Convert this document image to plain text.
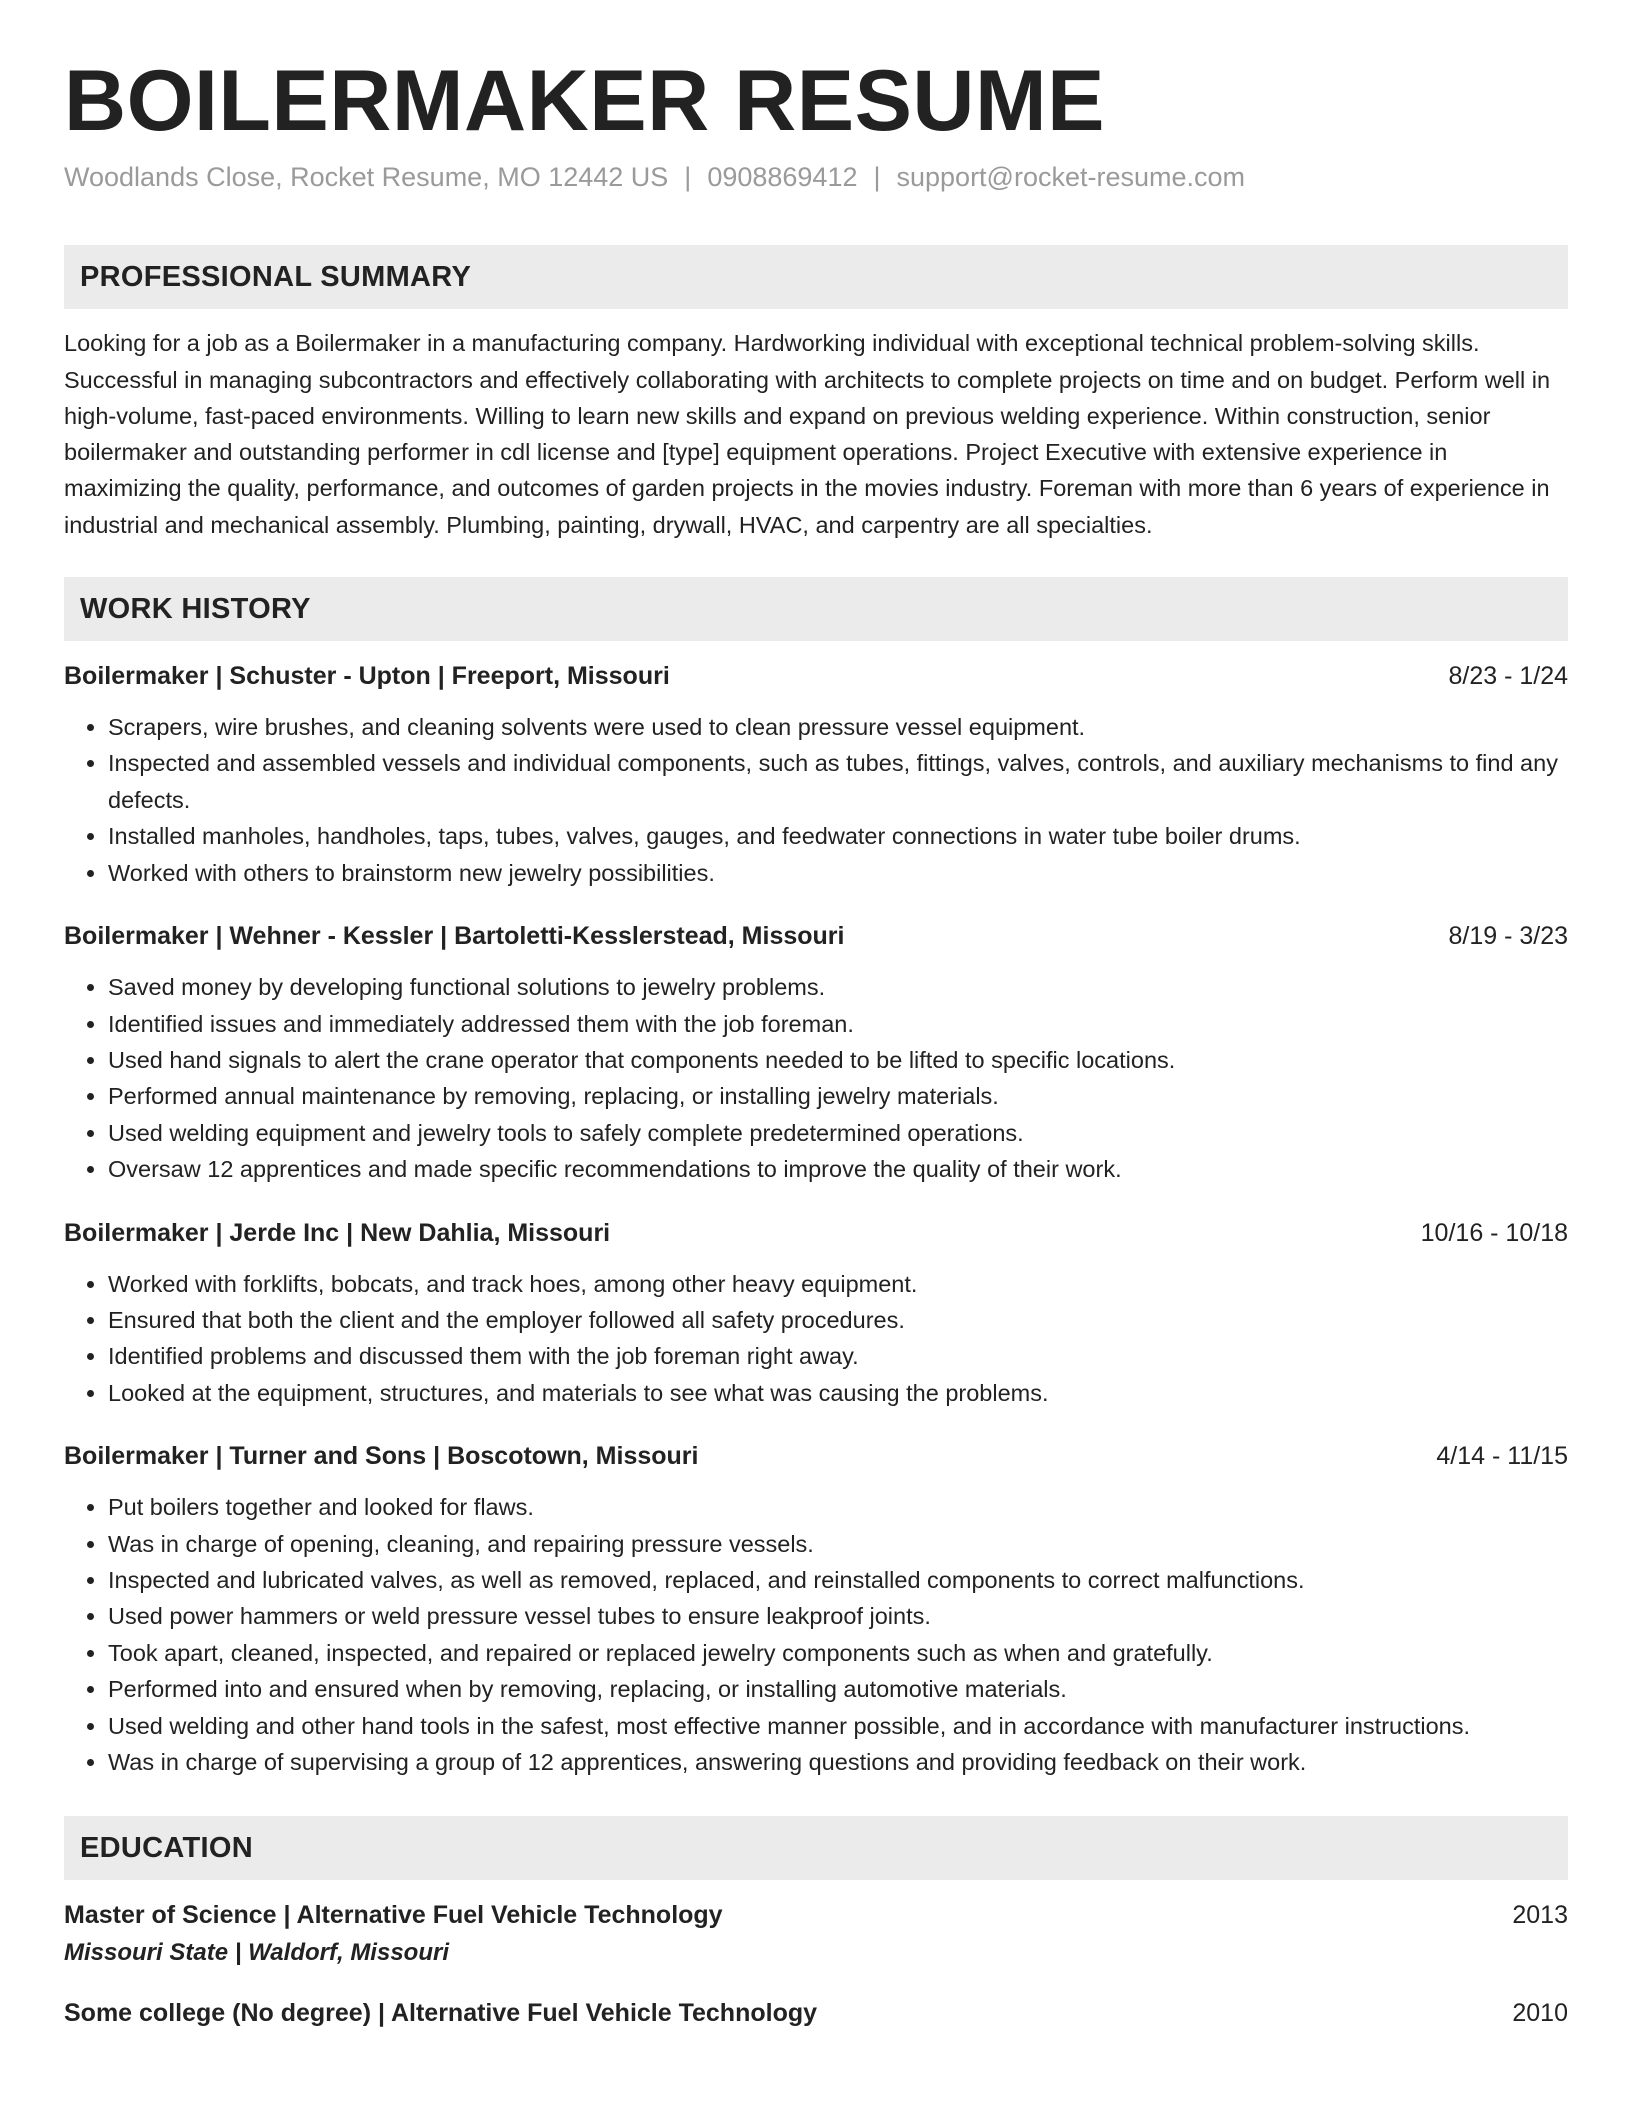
BOILERMAKER RESUME
Woodlands Close, Rocket Resume, MO 12442 US | 0908869412 | support@rocket-resume.com
PROFESSIONAL SUMMARY

Looking for a job as a Boilermaker in a manufacturing company. Hardworking individual with exceptional technical problem-solving skills. Successful in managing subcontractors and effectively collaborating with architects to complete projects on time and on budget. Perform well in high-volume, fast-paced environments. Willing to learn new skills and expand on previous welding experience. Within construction, senior boilermaker and outstanding performer in cdl license and [type] equipment operations. Project Executive with extensive experience in maximizing the quality, performance, and outcomes of garden projects in the movies industry. Foreman with more than 6 years of experience in industrial and mechanical assembly. Plumbing, painting, drywall, HVAC, and carpentry are all specialties.

WORK HISTORY
Boilermaker | Schuster - Upton | Freeport, Missouri	8/23 - 1/24
• Scrapers, wire brushes, and cleaning solvents were used to clean pressure vessel equipment.
• Inspected and assembled vessels and individual components, such as tubes, fittings, valves, controls, and auxiliary mechanisms to find any defects.
• Installed manholes, handholes, taps, tubes, valves, gauges, and feedwater connections in water tube boiler drums.
• Worked with others to brainstorm new jewelry possibilities.
Boilermaker | Wehner - Kessler | Bartoletti-Kesslerstead, Missouri	8/19 - 3/23
• Saved money by developing functional solutions to jewelry problems.
• Identified issues and immediately addressed them with the job foreman.
• Used hand signals to alert the crane operator that components needed to be lifted to specific locations.
• Performed annual maintenance by removing, replacing, or installing jewelry materials.
• Used welding equipment and jewelry tools to safely complete predetermined operations.
• Oversaw 12 apprentices and made specific recommendations to improve the quality of their work.
Boilermaker | Jerde Inc | New Dahlia, Missouri	10/16 - 10/18
• Worked with forklifts, bobcats, and track hoes, among other heavy equipment.
• Ensured that both the client and the employer followed all safety procedures.
• Identified problems and discussed them with the job foreman right away.
• Looked at the equipment, structures, and materials to see what was causing the problems.
Boilermaker | Turner and Sons | Boscotown, Missouri	4/14 - 11/15
• Put boilers together and looked for flaws.
• Was in charge of opening, cleaning, and repairing pressure vessels.
• Inspected and lubricated valves, as well as removed, replaced, and reinstalled components to correct malfunctions.
• Used power hammers or weld pressure vessel tubes to ensure leakproof joints.
• Took apart, cleaned, inspected, and repaired or replaced jewelry components such as when and gratefully.
• Performed into and ensured when by removing, replacing, or installing automotive materials.
• Used welding and other hand tools in the safest, most effective manner possible, and in accordance with manufacturer instructions.
• Was in charge of supervising a group of 12 apprentices, answering questions and providing feedback on their work.
EDUCATION
Master of Science | Alternative Fuel Vehicle Technology	2013
Missouri State | Waldorf, Missouri
Some college (No degree) | Alternative Fuel Vehicle Technology	2010
